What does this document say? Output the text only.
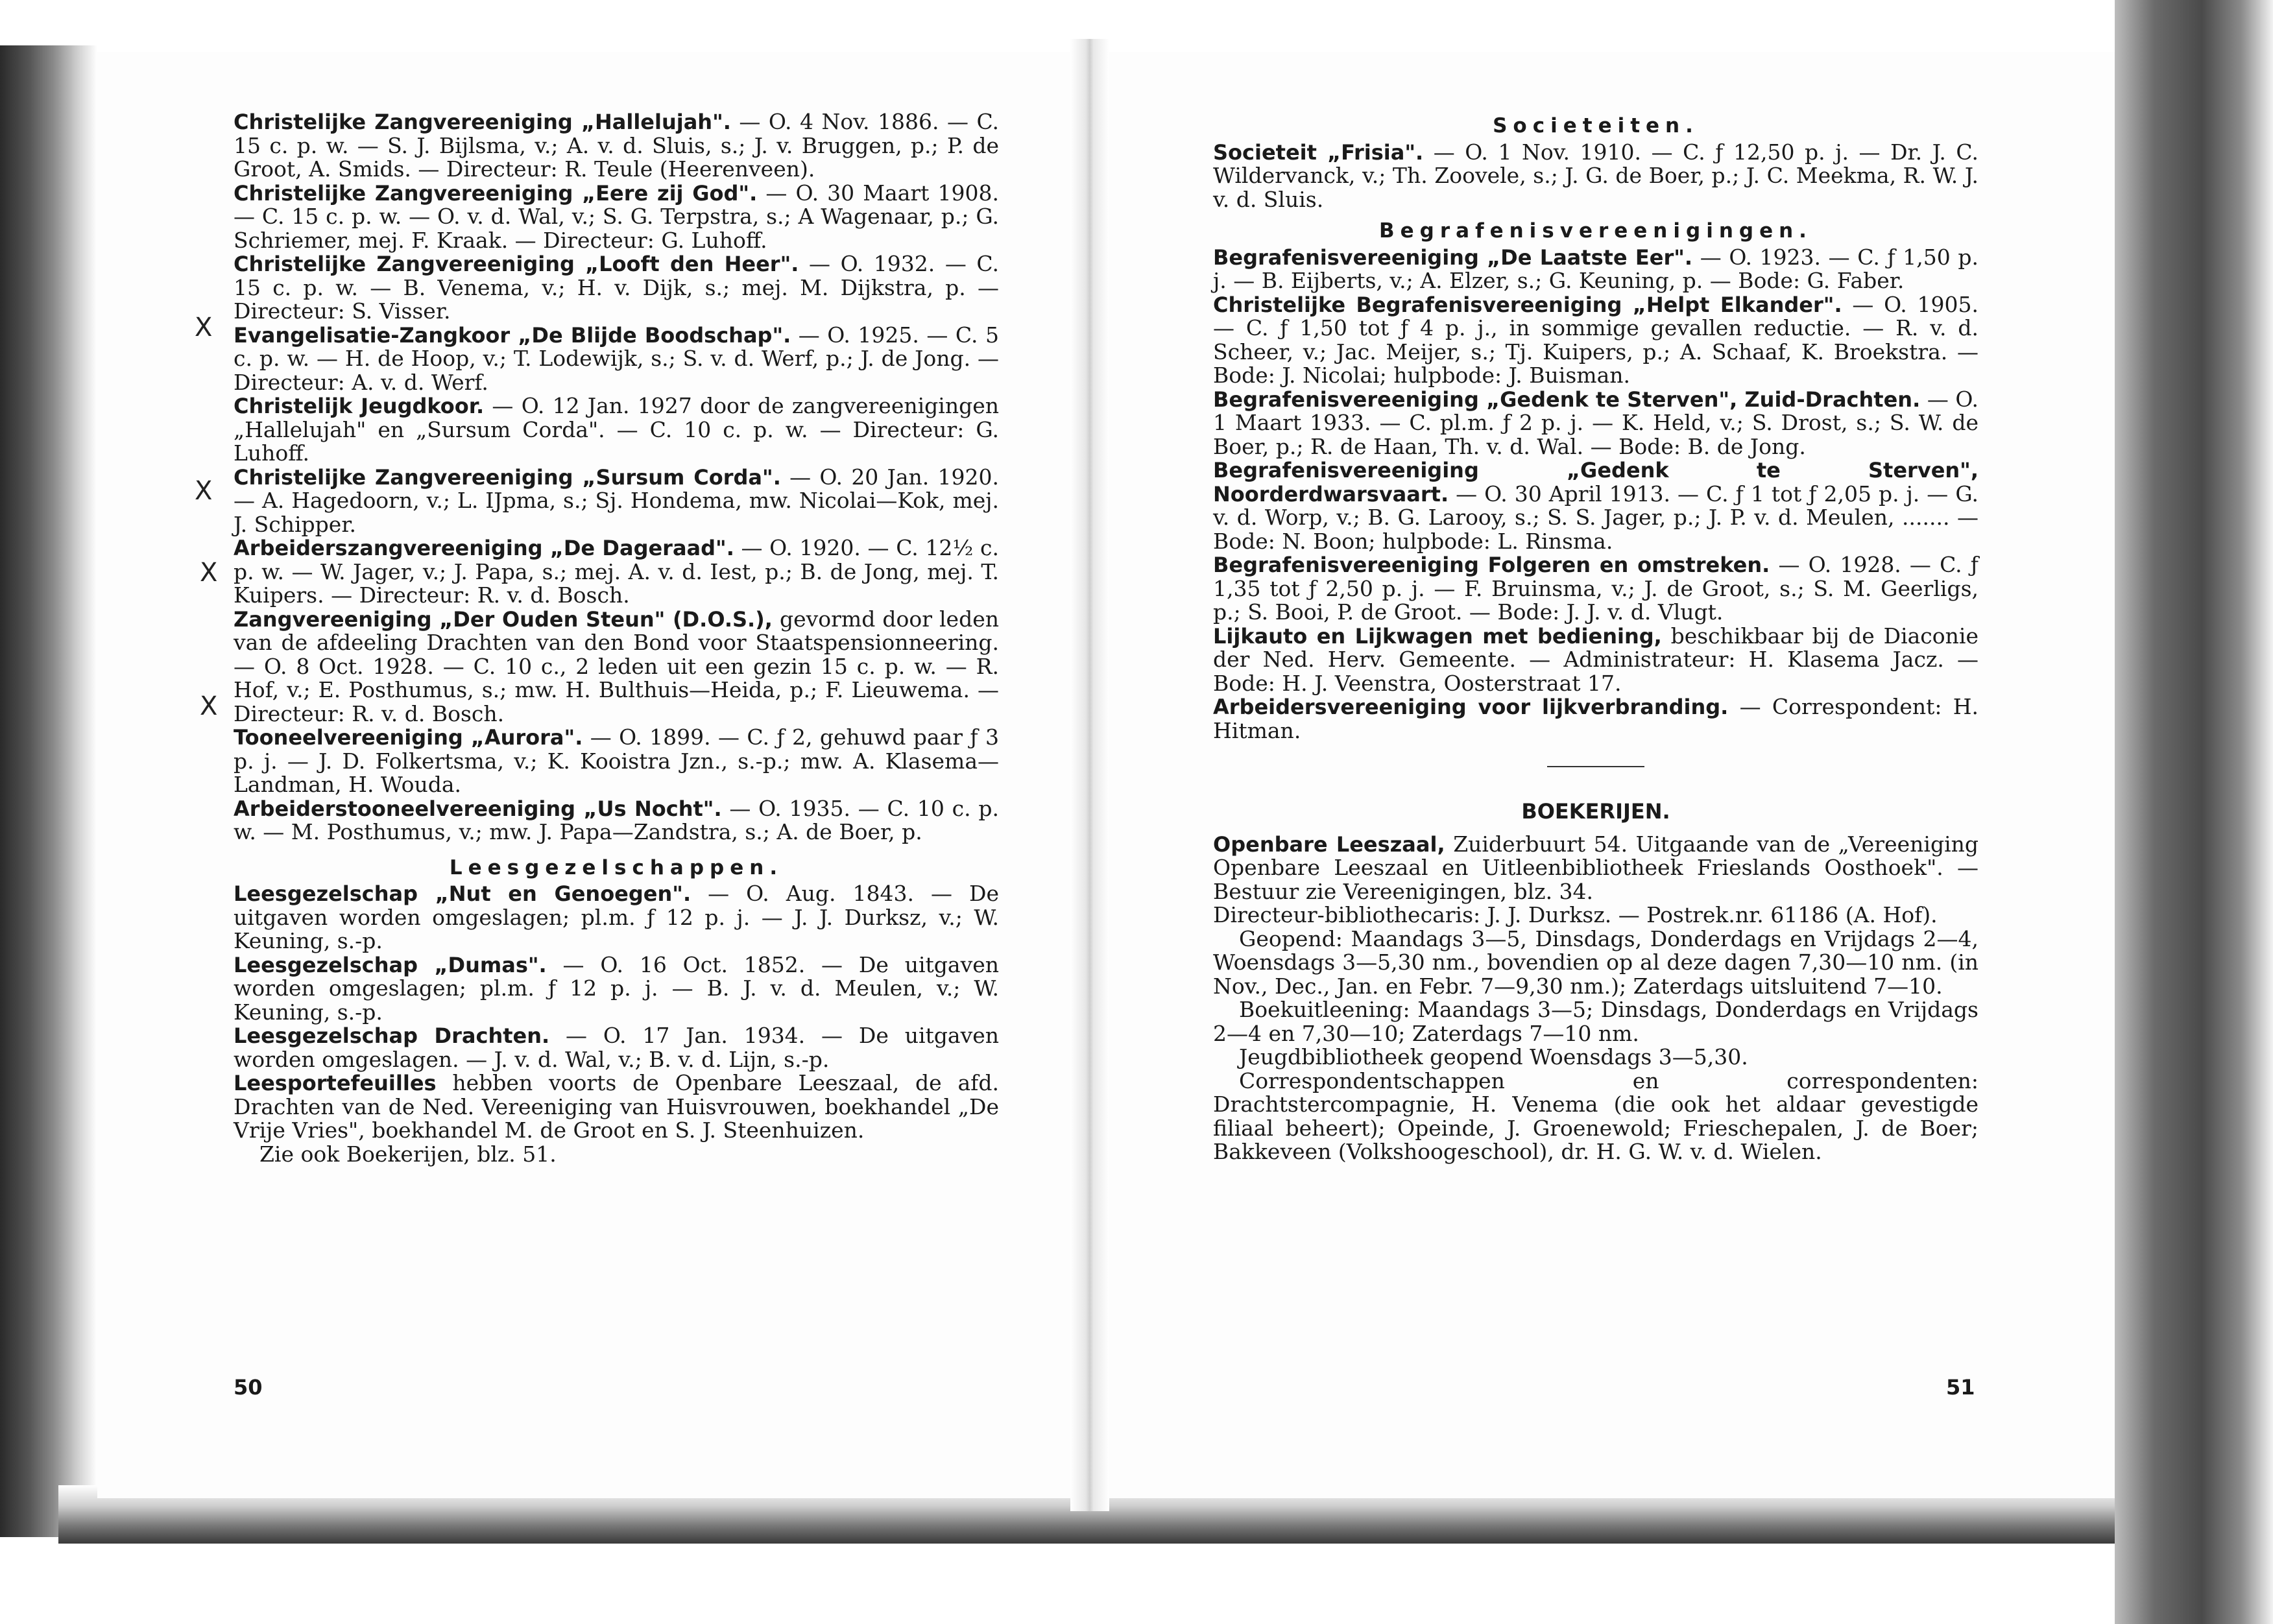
Christelijke Zangvereeniging „Hallelujah". — O. 4 Nov. 1886. — C. 15 c. p. w. — S. J. Bijlsma, v.; A. v. d. Sluis, s.; J. v. Bruggen, p.; P. de Groot, A. Smids. — Directeur: R. Teule (Heerenveen).

Christelijke Zangvereeniging „Eere zij God". — O. 30 Maart 1908. — C. 15 c. p. w. — O. v. d. Wal, v.; S. G. Terpstra, s.; A Wagenaar, p.; G. Schriemer, mej. F. Kraak. — Directeur: G. Luhoff.

Christelijke Zangvereeniging „Looft den Heer". — O. 1932. — C. 15 c. p. w. — B. Venema, v.; H. v. Dijk, s.; mej. M. Dijkstra, p. — Directeur: S. Visser.

Evangelisatie-Zangkoor „De Blijde Boodschap". — O. 1925. — C. 5 c. p. w. — H. de Hoop, v.; T. Lodewijk, s.; S. v. d. Werf, p.; J. de Jong. — Directeur: A. v. d. Werf.

Christelijk Jeugdkoor. — O. 12 Jan. 1927 door de zangvereenigingen „Hallelujah" en „Sursum Corda". — C. 10 c. p. w. — Directeur: G. Luhoff.

Christelijke Zangvereeniging „Sursum Corda". — O. 20 Jan. 1920. — A. Hagedoorn, v.; L. IJpma, s.; Sj. Hondema, mw. Nicolai—Kok, mej. J. Schipper.

Arbeiderszangvereeniging „De Dageraad". — O. 1920. — C. 12½ c. p. w. — W. Jager, v.; J. Papa, s.; mej. A. v. d. Iest, p.; B. de Jong, mej. T. Kuipers. — Directeur: R. v. d. Bosch.

Zangvereeniging „Der Ouden Steun" (D.O.S.), gevormd door leden van de afdeeling Drachten van den Bond voor Staatspensionneering. — O. 8 Oct. 1928. — C. 10 c., 2 leden uit een gezin 15 c. p. w. — R. Hof, v.; E. Posthumus, s.; mw. H. Bulthuis—Heida, p.; F. Lieuwema. — Directeur: R. v. d. Bosch.

Tooneelvereeniging „Aurora". — O. 1899. — C. ƒ 2, gehuwd paar ƒ 3 p. j. — J. D. Folkertsma, v.; K. Kooistra Jzn., s.-p.; mw. A. Klasema—Landman, H. Wouda.

Arbeiderstooneelvereeniging „Us Nocht". — O. 1935. — C. 10 c. p. w. — M. Posthumus, v.; mw. J. Papa—Zandstra, s.; A. de Boer, p.

Leesgezelschappen.

Leesgezelschap „Nut en Genoegen". — O. Aug. 1843. — De uitgaven worden omgeslagen; pl.m. ƒ 12 p. j. — J. J. Durksz, v.; W. Keuning, s.-p.

Leesgezelschap „Dumas". — O. 16 Oct. 1852. — De uitgaven worden omgeslagen; pl.m. ƒ 12 p. j. — B. J. v. d. Meulen, v.; W. Keuning, s.-p.

Leesgezelschap Drachten. — O. 17 Jan. 1934. — De uitgaven worden omgeslagen. — J. v. d. Wal, v.; B. v. d. Lijn, s.-p.

Leesportefeuilles hebben voorts de Openbare Leeszaal, de afd. Drachten van de Ned. Vereeniging van Huisvrouwen, boekhandel „De Vrije Vries", boekhandel M. de Groot en S. J. Steenhuizen.

Zie ook Boekerijen, blz. 51.

50
X
X
X
X
Societeiten.

Societeit „Frisia". — O. 1 Nov. 1910. — C. ƒ 12,50 p. j. — Dr. J. C. Wildervanck, v.; Th. Zoovele, s.; J. G. de Boer, p.; J. C. Meekma, R. W. J. v. d. Sluis.

Begrafenisvereenigingen.

Begrafenisvereeniging „De Laatste Eer". — O. 1923. — C. ƒ 1,50 p. j. — B. Eijberts, v.; A. Elzer, s.; G. Keuning, p. — Bode: G. Faber.

Christelijke Begrafenisvereeniging „Helpt Elkander". — O. 1905. — C. ƒ 1,50 tot ƒ 4 p. j., in sommige gevallen reductie. — R. v. d. Scheer, v.; Jac. Meijer, s.; Tj. Kuipers, p.; A. Schaaf, K. Broekstra. — Bode: J. Nicolai; hulpbode: J. Buisman.

Begrafenisvereeniging „Gedenk te Sterven", Zuid-Drachten. — O. 1 Maart 1933. — C. pl.m. ƒ 2 p. j. — K. Held, v.; S. Drost, s.; S. W. de Boer, p.; R. de Haan, Th. v. d. Wal. — Bode: B. de Jong.

Begrafenisvereeniging „Gedenk te Sterven", Noorderdwarsvaart. — O. 30 April 1913. — C. ƒ 1 tot ƒ 2,05 p. j. — G. v. d. Worp, v.; B. G. Larooy, s.; S. S. Jager, p.; J. P. v. d. Meulen, ....... — Bode: N. Boon; hulpbode: L. Rinsma.

Begrafenisvereeniging Folgeren en omstreken. — O. 1928. — C. ƒ 1,35 tot ƒ 2,50 p. j. — F. Bruinsma, v.; J. de Groot, s.; S. M. Geerligs, p.; S. Booi, P. de Groot. — Bode: J. J. v. d. Vlugt.

Lijkauto en Lijkwagen met bediening, beschikbaar bij de Diaconie der Ned. Herv. Gemeente. — Administrateur: H. Klasema Jacz. — Bode: H. J. Veenstra, Oosterstraat 17.

Arbeidersvereeniging voor lijkverbranding. — Correspondent: H. Hitman.

BOEKERIJEN.

Openbare Leeszaal, Zuiderbuurt 54. Uitgaande van de „Vereeniging Openbare Leeszaal en Uitleenbibliotheek Frieslands Oosthoek". — Bestuur zie Vereenigingen, blz. 34.

Directeur-bibliothecaris: J. J. Durksz. — Postrek.nr. 61186 (A. Hof).

Geopend: Maandags 3—5, Dinsdags, Donderdags en Vrijdags 2—4, Woensdags 3—5,30 nm., bovendien op al deze dagen 7,30—10 nm. (in Nov., Dec., Jan. en Febr. 7—9,30 nm.); Zaterdags uitsluitend 7—10.

Boekuitleening: Maandags 3—5; Dinsdags, Donderdags en Vrijdags 2—4 en 7,30—10; Zaterdags 7—10 nm.

Jeugdbibliotheek geopend Woensdags 3—5,30.

Correspondentschappen en correspondenten: Drachtstercompagnie, H. Venema (die ook het aldaar gevestigde filiaal beheert); Opeinde, J. Groenewold; Frieschepalen, J. de Boer; Bakkeveen (Volkshoogeschool), dr. H. G. W. v. d. Wielen.

51
